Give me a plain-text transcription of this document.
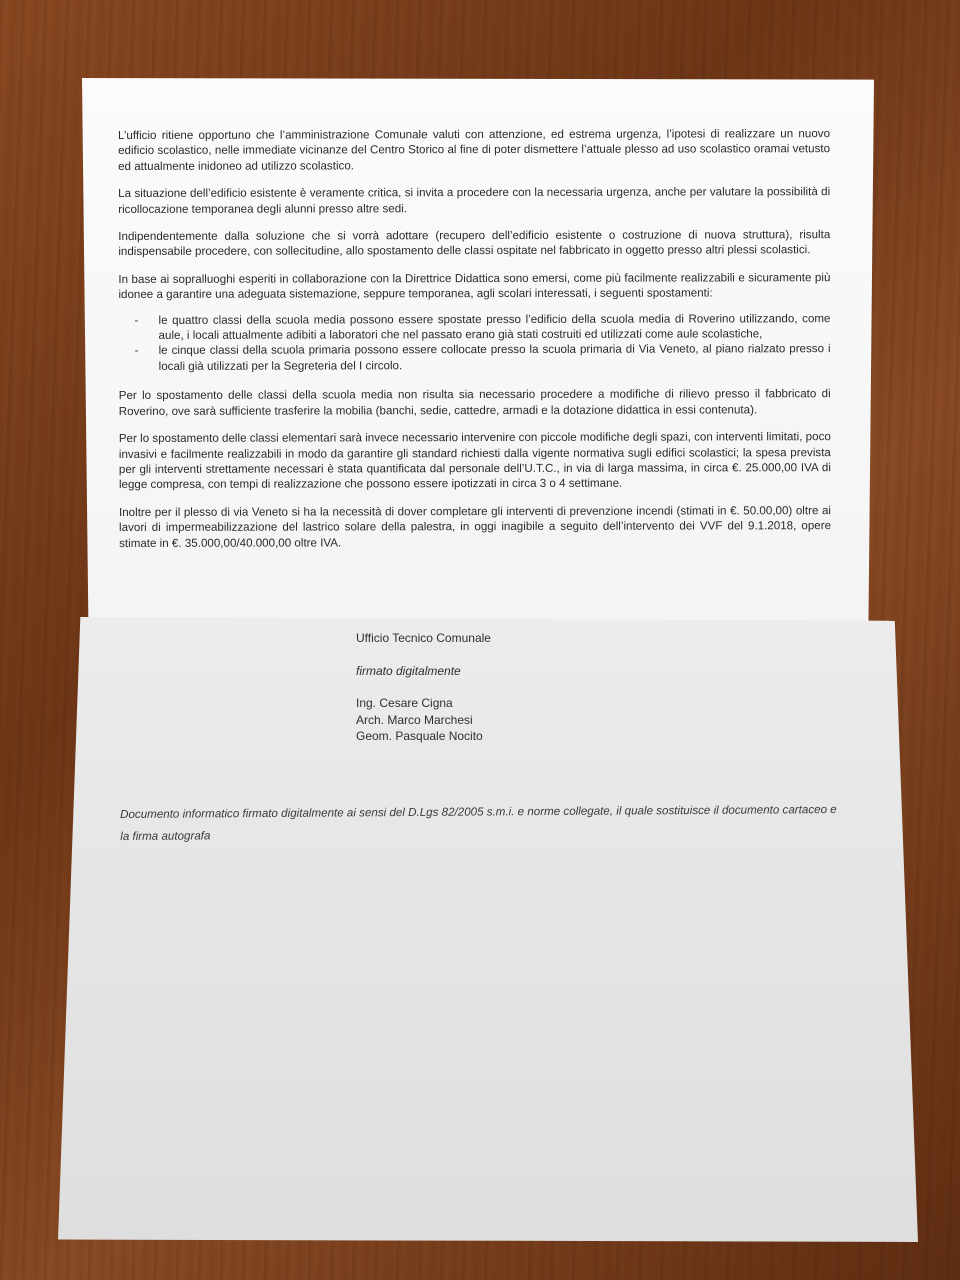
L’ufficio ritiene opportuno che l’amministrazione Comunale valuti con attenzione, ed estrema urgenza, l’ipotesi di realizzare un nuovo edificio scolastico, nelle immediate vicinanze del Centro Storico al fine di poter dismettere l’attuale plesso ad uso scolastico oramai vetusto ed attualmente inidoneo ad utilizzo scolastico.

La situazione dell’edificio esistente è veramente critica, si invita a procedere con la necessaria urgenza, anche per valutare la possibilità di ricollocazione temporanea degli alunni presso altre sedi.

Indipendentemente dalla soluzione che si vorrà adottare (recupero dell’edificio esistente o costruzione di nuova struttura), risulta indispensabile procedere, con sollecitudine, allo spostamento delle classi ospitate nel fabbricato in oggetto presso altri plessi scolastici.

In base ai sopralluoghi esperiti in collaborazione con la Direttrice Didattica sono emersi, come più facilmente realizzabili e sicuramente più idonee a garantire una adeguata sistemazione, seppure temporanea, agli scolari interessati, i seguenti spostamenti:

- le quattro classi della scuola media possono essere spostate presso l’edificio della scuola media di Roverino utilizzando, come aule, i locali attualmente adibiti a laboratori che nel passato erano già stati costruiti ed utilizzati come aule scolastiche,
- le cinque classi della scuola primaria possono essere collocate presso la scuola primaria di Via Veneto, al piano rialzato presso i locali già utilizzati per la Segreteria del I circolo.

Per lo spostamento delle classi della scuola media non risulta sia necessario procedere a modifiche di rilievo presso il fabbricato di Roverino, ove sarà sufficiente trasferire la mobilia (banchi, sedie, cattedre, armadi e la dotazione didattica in essi contenuta).

Per lo spostamento delle classi elementari sarà invece necessario intervenire con piccole modifiche degli spazi, con interventi limitati, poco invasivi e facilmente realizzabili in modo da garantire gli standard richiesti dalla vigente normativa sugli edifici scolastici; la spesa prevista per gli interventi strettamente necessari è stata quantificata dal personale dell’U.T.C., in via di larga massima, in circa €. 25.000,00 IVA di legge compresa, con tempi di realizzazione che possono essere ipotizzati in circa 3 o 4 settimane.

Inoltre per il plesso di via Veneto si ha la necessità di dover completare gli interventi di prevenzione incendi (stimati in €. 50.00,00) oltre ai lavori di impermeabilizzazione del lastrico solare della palestra, in oggi inagibile a seguito dell’intervento dei VVF del 9.1.2018, opere stimate in €. 35.000,00/40.000,00 oltre IVA.

Ufficio Tecnico Comunale
firmato digitalmente
Ing. Cesare Cigna
Arch. Marco Marchesi
Geom. Pasquale Nocito
Documento informatico firmato digitalmente ai sensi del D.Lgs 82/2005 s.m.i. e norme collegate, il quale sostituisce il documento cartaceo e la firma autografa
